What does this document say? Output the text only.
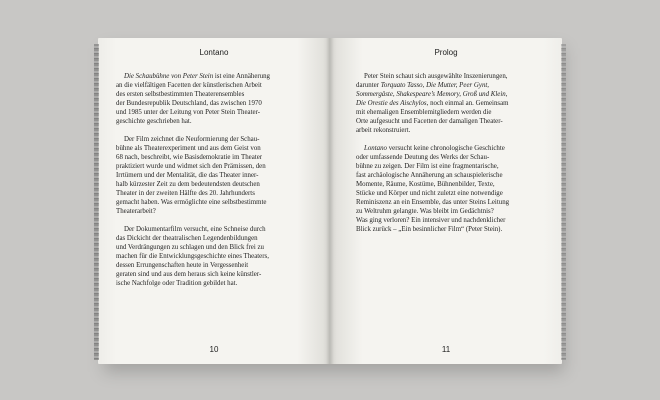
Lontano
Die Schaubühne von Peter Stein ist eine Annäherung
an die vielfältigen Facetten der künstlerischen Arbeit
des ersten selbstbestimmten Theaterensembles
der Bundesrepublik Deutschland, das zwischen 1970
und 1985 unter der Leitung von Peter Stein Theater-
geschichte geschrieben hat.
Der Film zeichnet die Neuformierung der Schau-
bühne als Theaterexperiment und aus dem Geist von
68 nach, beschreibt, wie Basisdemokratie im Theater
praktiziert wurde und widmet sich den Prämissen, den
Irrtümern und der Mentalität, die das Theater inner-
halb kürzester Zeit zu dem bedeutendsten deutschen
Theater in der zweiten Hälfte des 20. Jahrhunderts
gemacht haben. Was ermöglichte eine selbstbestimmte
Theaterarbeit?
Der Dokumentarfilm versucht, eine Schneise durch
das Dickicht der theatralischen Legendenbildungen
und Verdrängungen zu schlagen und den Blick frei zu
machen für die Entwicklungsgeschichte eines Theaters,
dessen Errungenschaften heute in Vergessenheit
geraten sind und aus dem heraus sich keine künstler-
ische Nachfolge oder Tradition gebildet hat.
10
Prolog
Peter Stein schaut sich ausgewählte Inszenierungen,
darunter Torquato Tasso, Die Mutter, Peer Gynt,
Sommergäste, Shakespeare’s Memory, Groß und Klein,
Die Orestie des Aischylos, noch einmal an. Gemeinsam
mit ehemaligen Ensemblemitgliedern werden die
Orte aufgesucht und Facetten der damaligen Theater-
arbeit rekonstruiert.
Lontano versucht keine chronologische Geschichte
oder umfassende Deutung des Werks der Schau-
bühne zu zeigen. Der Film ist eine fragmentarische,
fast archäologische Annäherung an schauspielerische
Momente, Räume, Kostüme, Bühnenbilder, Texte,
Stücke und Körper und nicht zuletzt eine notwendige
Reminiszenz an ein Ensemble, das unter Steins Leitung
zu Weltruhm gelangte. Was bleibt im Gedächtnis?
Was ging verloren? Ein intensiver und nachdenklicher
Blick zurück – „Ein besinnlicher Film“ (Peter Stein).
11
